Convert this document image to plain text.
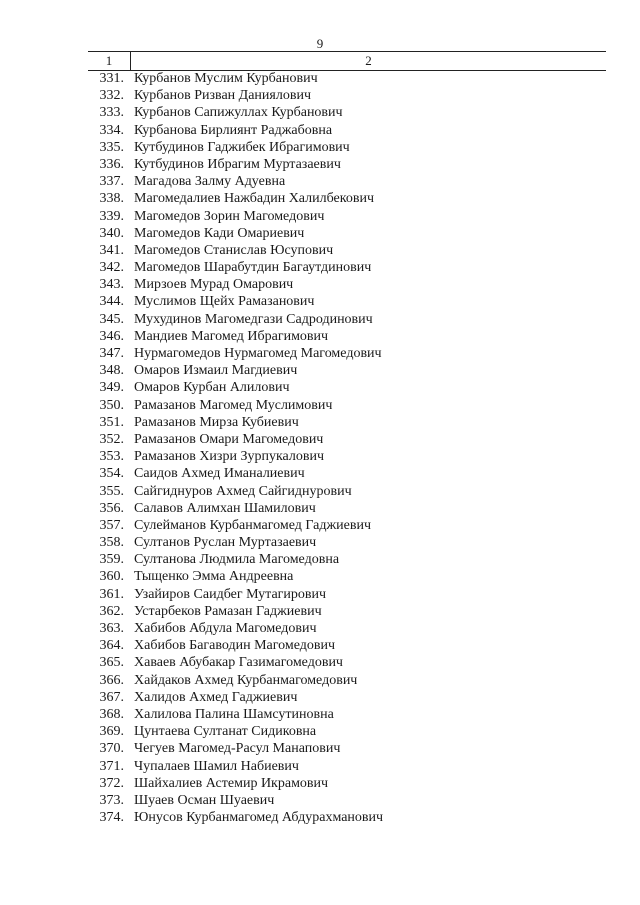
9
1	2
331. Курбанов Муслим Курбанович
332. Курбанов Ризван Даниялович
333. Курбанов Сапижуллах Курбанович
334. Курбанова Бирлиянт Раджабовна
335. Кутбудинов Гаджибек Ибрагимович
336. Кутбудинов Ибрагим Муртазаевич
337. Магадова Залму Адуевна
338. Магомедалиев Нажбадин Халилбекович
339. Магомедов Зорин Магомедович
340. Магомедов Кади Омариевич
341. Магомедов Станислав Юсупович
342. Магомедов Шарабутдин Багаутдинович
343. Мирзоев Мурад Омарович
344. Муслимов Щейх Рамазанович
345. Мухудинов Магомедгази Садродинович
346. Мандиев Магомед Ибрагимович
347. Нурмагомедов Нурмагомед Магомедович
348. Омаров Измаил Магдиевич
349. Омаров Курбан Алилович
350. Рамазанов Магомед Муслимович
351. Рамазанов Мирза Кубиевич
352. Рамазанов Омари Магомедович
353. Рамазанов Хизри Зурпукалович
354. Саидов Ахмед Иманалиевич
355. Сайгиднуров Ахмед Сайгиднурович
356. Салавов Алимхан Шамилович
357. Сулейманов Курбанмагомед Гаджиевич
358. Султанов Руслан Муртазаевич
359. Султанова Людмила Магомедовна
360. Тыщенко Эмма Андреевна
361. Узайиров Саидбег Мутагирович
362. Устарбеков Рамазан Гаджиевич
363. Хабибов Абдула Магомедович
364. Хабибов Багаводин Магомедович
365. Хаваев Абубакар Газимагомедович
366. Хайдаков Ахмед Курбанмагомедович
367. Халидов Ахмед Гаджиевич
368. Халилова Палина Шамсутиновна
369. Цунтаева Султанат Сидиковна
370. Чегуев Магомед-Расул Манапович
371. Чупалаев Шамил Набиевич
372. Шайхалиев Астемир Икрамович
373. Шуаев Осман Шуаевич
374. Юнусов Курбанмагомед Абдурахманович
